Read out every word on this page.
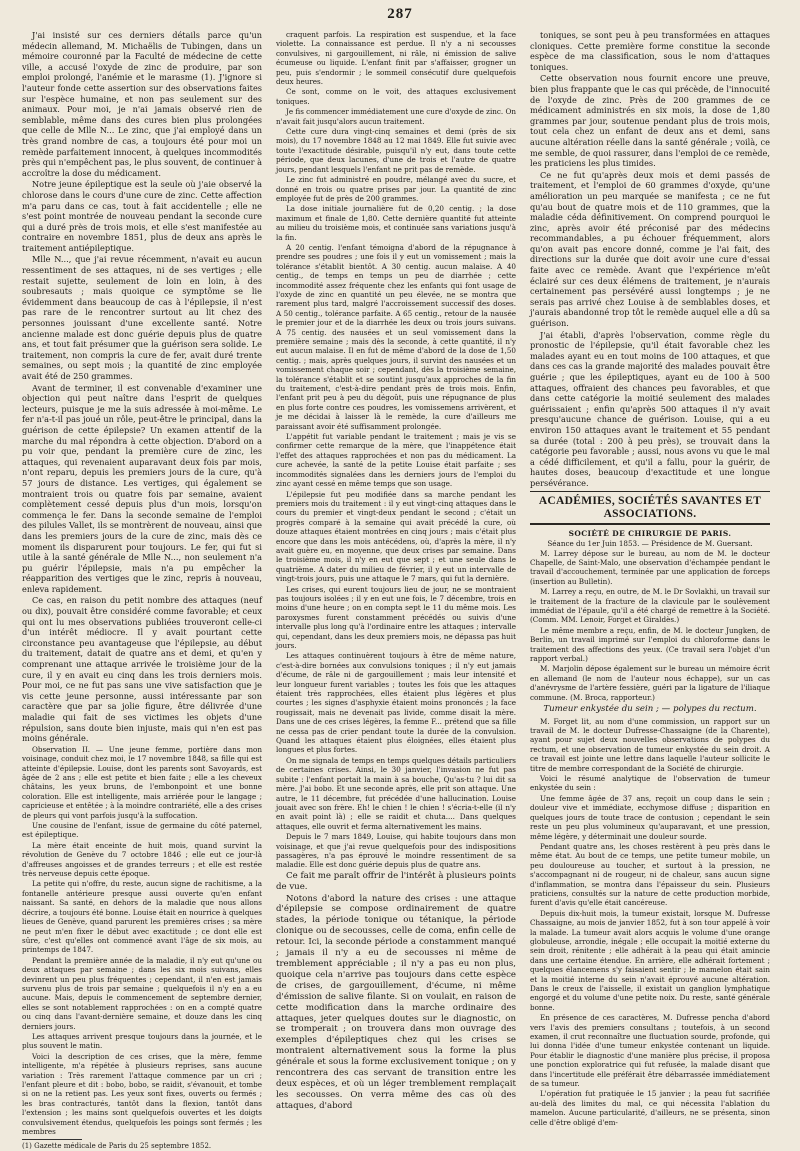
287

J'ai insisté sur ces derniers détails parce qu'un médecin allemand, M. Michaëlis de Tubingen, dans un mémoire couronné par la Faculté de médecine de cette ville, a accusé l'oxyde de zinc de produire, par son emploi prolongé, l'anémie et le marasme (1). J'ignore si l'auteur fonde cette assertion sur des observations faites sur l'espèce humaine, et non pas seulement sur des animaux. Pour moi, je n'ai jamais observé rien de semblable, même dans des cures bien plus prolongées que celle de Mlle N... Le zinc, que j'ai employé dans un très grand nombre de cas, a toujours été pour moi un remède parfaitement innocent, à quelques incommodités près qui n'empêchent pas, le plus souvent, de continuer à accroître la dose du médicament.

Notre jeune épileptique est la seule où j'aie observé la chlorose dans le cours d'une cure de zinc. Cette affection m'a paru dans ce cas, tout à fait accidentelle ; elle ne s'est point montrée de nouveau pendant la seconde cure qui a duré près de trois mois, et elle s'est manifestée au contraire en novembre 1851, plus de deux ans après le traitement antiépileptique.

Mlle N..., que j'ai revue récemment, n'avait eu aucun ressentiment de ses attaques, ni de ses vertiges ; elle restait sujette, seulement de loin en loin, à des soubresauts ; mais quoique ce symptôme se lie évidemment dans beaucoup de cas à l'épilepsie, il n'est pas rare de le rencontrer surtout au lit chez des personnes jouissant d'une excellente santé. Notre ancienne malade est donc guérie depuis plus de quatre ans, et tout fait présumer que la guérison sera solide. Le traitement, non compris la cure de fer, avait duré trente semaines, ou sept mois ; la quantité de zinc employée avait été de 250 grammes.

Avant de terminer, il est convenable d'examiner une objection qui peut naître dans l'esprit de quelques lecteurs, puisque je me la suis adressée à moi-même. Le fer n'a-t-il pas joué un rôle, peut-être le principal, dans la guérison de cette épilepsie? Un examen attentif de la marche du mal répondra à cette objection. D'abord on a pu voir que, pendant la première cure de zinc, les attaques, qui revenaient auparavant deux fois par mois, n'ont reparu, depuis les premiers jours de la cure, qu'à 57 jours de distance. Les vertiges, qui également se montraient trois ou quatre fois par semaine, avaient complètement cessé depuis plus d'un mois, lorsqu'on commença le fer. Dans la seconde semaine de l'emploi des pilules Vallet, ils se montrèrent de nouveau, ainsi que dans les premiers jours de la cure de zinc, mais dès ce moment ils disparurent pour toujours. Le fer, qui fut si utile à la santé générale de Mlle N..., non seulement n'a pu guérir l'épilepsie, mais n'a pu empêcher la réapparition des vertiges que le zinc, repris à nouveau, enleva rapidement.

Ce cas, en raison du petit nombre des attaques (neuf ou dix), pouvait être considéré comme favorable; et ceux qui ont lu mes observations publiées trouveront celle-ci d'un intérêt médiocre. Il y avait pourtant cette circonstance peu avantageuse que l'épilepsie, au début du traitement, datait de quatre ans et demi, et qu'en y comprenant une attaque arrivée le troisième jour de la cure, il y en avait eu cinq dans les trois derniers mois. Pour moi, ce ne fut pas sans une vive satisfaction que je vis cette jeune personne, aussi intéressante par son caractère que par sa jolie figure, être délivrée d'une maladie qui fait de ses victimes les objets d'une répulsion, sans doute bien injuste, mais qui n'en est pas moins générale.

Observation II. — Une jeune femme, portière dans mon voisinage, conduit chez moi, le 17 novembre 1848, sa fille qui est atteinte d'épilepsie. Louise, dont les parents sont Savoyards, est âgée de 2 ans ; elle est petite et bien faite ; elle a les cheveux châtains, les yeux bruns, de l'embonpoint et une bonne coloration. Elle est intelligente, mais arriérée pour le langage ; capricieuse et entêtée ; à la moindre contrariété, elle a des crises de pleurs qui vont parfois jusqu'à la suffocation.

Une cousine de l'enfant, issue de germaine du côté paternel, est épileptique.

La mère était enceinte de huit mois, quand survint la révolution de Genève du 7 octobre 1846 ; elle eut ce jour-là d'affreuses angoisses et de grandes terreurs ; et elle est restée très nerveuse depuis cette époque.

La petite qui n'offre, du reste, aucun signe de rachitisme, a la fontanelle antérieure presque aussi ouverte qu'en enfant naissant. Sa santé, en dehors de la maladie que nous allons décrire, a toujours été bonne. Louise était en nourrice à quelques lieues de Genève, quand parurent les premières crises ; sa mère ne peut m'en fixer le début avec exactitude ; ce dont elle est sûre, c'est qu'elles ont commencé avant l'âge de six mois, au printemps de 1847.

Pendant la première année de la maladie, il n'y eut qu'une ou deux attaques par semaine ; dans les six mois suivans, elles devinrent un peu plus fréquentes ; cependant, il n'en est jamais survenu plus de trois par semaine ; quelquefois il n'y en a eu aucune. Mais, depuis le commencement de septembre dernier, elles se sont notablement rapprochées : on en a compté quatre ou cinq dans l'avant-dernière semaine, et douze dans les cinq derniers jours.

Les attaques arrivent presque toujours dans la journée, et le plus souvent le matin.

Voici la description de ces crises, que la mère, femme intelligente, m'a répétée à plusieurs reprises, sans aucune variation : Très rarement l'attaque commence par un cri ; l'enfant pleure et dit : bobo, bobo, se raidit, s'évanouit, et tombe si on ne la retient pas. Les yeux sont fixes, ouverts ou fermés ; les bras contracturés, tantôt dans la flexion, tantôt dans l'extension ; les mains sont quelquefois ouvertes et les doigts convulsivement étendus, quelquefois les poings sont fermés ; les membres

(1) Gazette médicale de Paris du 25 septembre 1852.

craquent parfois. La respiration est suspendue, et la face violette. La connaissance est perdue. Il n'y a ni secousses convulsives, ni gargouillement, ni râle, ni émission de salive écumeuse ou liquide. L'enfant finit par s'affaisser, grogner un peu, puis s'endormir ; le sommeil consécutif dure quelquefois deux heures.

Ce sont, comme on le voit, des attaques exclusivement toniques.

Je fis commencer immédiatement une cure d'oxyde de zinc. On n'avait fait jusqu'alors aucun traitement.

Cette cure dura vingt-cinq semaines et demi (près de six mois), du 17 novembre 1848 au 12 mai 1849. Elle fut suivie avec toute l'exactitude désirable, puisqu'il n'y eut, dans toute cette période, que deux lacunes, d'une de trois et l'autre de quatre jours, pendant lesquels l'enfant ne prit pas de remède.

Le zinc fut administré en poudre, mélangé avec du sucre, et donné en trois ou quatre prises par jour. La quantité de zinc employée fut de près de 200 grammes.

La dose initiale journalière fut de 0,20 centig. ; la dose maximum et finale de 1,80. Cette dernière quantité fut atteinte au milieu du troisième mois, et continuée sans variations jusqu'à la fin.

A 20 centig. l'enfant témoigna d'abord de la répugnance à prendre ses poudres ; une fois il y eut un vomissement ; mais la tolérance s'établit bientôt. A 30 centig. aucun malaise. A 40 centig., de temps en temps un peu de diarrhée ; cette incommodité assez fréquente chez les enfants qui font usage de l'oxyde de zinc en quantité un peu élevée, ne se montra que rarement plus tard, malgré l'accroissement successif des doses. A 50 centig., tolérance parfaite. A 65 centig., retour de la nausée le premier jour et de la diarrhée les deux ou trois jours suivans. A 75 centig. des nausées et un seul vomissement dans la première semaine ; mais dès la seconde, à cette quantité, il n'y eut aucun malaise. Il en fut de même d'abord de la dose de 1,50 centig. ; mais, après quelques jours, il survint des nausées et un vomissement chaque soir ; cependant, dès la troisième semaine, la tolérance s'établit et se soutint jusqu'aux approches de la fin du traitement, c'est-à-dire pendant près de trois mois. Enfin, l'enfant prit peu à peu du dégoût, puis une répugnance de plus en plus forte contre ces poudres, les vomissemens arrivèrent, et je me décidai à laisser là le remède, la cure d'ailleurs me paraissant avoir été suffisamment prolongée.

L'appétit fut variable pendant le traitement ; mais je vis se confirmer cette remarque de la mère, que l'inappétence était l'effet des attaques rapprochées et non pas du médicament. La cure achevée, la santé de la petite Louise était parfaite ; ses incommodités signalées dans les derniers jours de l'emploi du zinc ayant cessé en même temps que son usage.

L'épilepsie fut peu modifiée dans sa marche pendant les premiers mois du traitement : il y eut vingt-cinq attaques dans le cours du premier et vingt-deux pendant le second ; c'était un progrès comparé à la semaine qui avait précédé la cure, où douze attaques étaient montrées en cinq jours ; mais c'était plus encore que dans les mois antécédens, où, d'après la mère, il n'y avait guère eu, en moyenne, que deux crises par semaine. Dans le troisième mois, il n'y en eut que sept ; et une seule dans le quatrième. A dater du milieu de février, il y eut un intervalle de vingt-trois jours, puis une attaque le 7 mars, qui fut la dernière.

Les crises, qui eurent toujours lieu de jour, ne se montraient pas toujours isolées ; il y en eut une fois, le 7 décembre, trois en moins d'une heure ; on en compta sept le 11 du même mois. Les paroxysmes furent constamment précédés ou suivis d'une intervalle plus long qu'à l'ordinaire entre les attaques ; intervalle qui, cependant, dans les deux premiers mois, ne dépassa pas huit jours.

Les attaques continuèrent toujours à être de même nature, c'est-à-dire bornées aux convulsions toniques ; il n'y eut jamais d'écume, de râle ni de gargouillement ; mais leur intensité et leur longueur furent variables ; toutes les fois que les attaques étaient très rapprochées, elles étaient plus légères et plus courtes ; les signes d'asphyxie étaient moins prononcés ; la face rougissait, mais ne devenait pas livide, comme disait la mère. Dans une de ces crises légères, la femme F... prétend que sa fille ne cessa pas de crier pendant toute la durée de la convulsion. Quand les attaques étaient plus éloignées, elles étaient plus longues et plus fortes.

On me signala de temps en temps quelques détails particuliers de certaines crises. Ainsi, le 30 janvier, l'invasion ne fut pas subite : l'enfant portait la main à sa bouche, Qu'as-tu ? lui dit sa mère. J'ai bobo. Et une seconde après, elle prit son attaque. Une autre, le 11 décembre, fut précédée d'une hallucination. Louise jouait avec son frère. Eh! le chien ! le chien ! s'écria-t-elle (il n'y en avait point là) ; elle se raidit et chuta.... Dans quelques attaques, elle ouvrit et ferma alternativement les mains.

Depuis le 7 mars 1849, Louise, qui habite toujours dans mon voisinage, et que j'ai revue quelquefois pour des indispositions passagères, n'a pas éprouvé le moindre ressentiment de sa maladie. Elle est donc guérie depuis plus de quatre ans.

Ce fait me paraît offrir de l'intérêt à plusieurs points de vue.

Notons d'abord la nature des crises : une attaque d'épilepsie se compose ordinairement de quatre stades, la période tonique ou tétanique, la période clonique ou de secousses, celle de coma, enfin celle de retour. Ici, la seconde période a constamment manqué ; jamais il n'y a eu de secousses ni même de tremblement appréciable ; il n'y a pas eu non plus, quoique cela n'arrive pas toujours dans cette espèce de crises, de gargouillement, d'écume, ni même d'émission de salive filante. Si on voulait, en raison de cette modification dans la marche ordinaire des attaques, jeter quelques doutes sur le diagnostic, on se tromperait ; on trouvera dans mon ouvrage des exemples d'épileptiques chez qui les crises se montraient alternativement sous la forme la plus générale et sous la forme exclusivement tonique ; on y rencontrera des cas servant de transition entre les deux espèces, et où un léger tremblement remplaçait les secousses. On verra même des cas où des attaques, d'abord

toniques, se sont peu à peu transformées en attaques cloniques. Cette première forme constitue la seconde espèce de ma classification, sous le nom d'attaques toniques.

Cette observation nous fournit encore une preuve, bien plus frappante que le cas qui précède, de l'innocuité de l'oxyde de zinc. Près de 200 grammes de ce médicament administrés en six mois, la dose de 1,80 grammes par jour, soutenue pendant plus de trois mois, tout cela chez un enfant de deux ans et demi, sans aucune altération réelle dans la santé générale ; voilà, ce me semble, de quoi rassurer, dans l'emploi de ce remède, les praticiens les plus timides.

Ce ne fut qu'après deux mois et demi passés de traitement, et l'emploi de 60 grammes d'oxyde, qu'une amélioration un peu marquée se manifesta ; ce ne fut qu'au bout de quatre mois et de 110 grammes, que la maladie céda définitivement. On comprend pourquoi le zinc, après avoir été préconisé par des médecins recommandables, a pu échouer fréquemment, alors qu'on avait pas encore donné, comme je l'ai fait, des directions sur la durée que doit avoir une cure d'essai faite avec ce remède. Avant que l'expérience m'eût éclairé sur ces deux élémens de traitement, je n'aurais certainement pas persévéré aussi longtemps ; je ne serais pas arrivé chez Louise à de semblables doses, et j'aurais abandonné trop tôt le remède auquel elle a dû sa guérison.

J'ai établi, d'après l'observation, comme règle du pronostic de l'épilepsie, qu'il était favorable chez les malades ayant eu en tout moins de 100 attaques, et que dans ces cas la grande majorité des malades pouvait être guérie ; que les épileptiques, ayant eu de 100 à 500 attaques, offraient des chances peu favorables, et que dans cette catégorie la moitié seulement des malades guérissaient ; enfin qu'après 500 attaques il n'y avait presqu'aucune chance de guérison. Louise, qui a eu environ 150 attaques avant le traitement et 55 pendant sa durée (total : 200 à peu près), se trouvait dans la catégorie peu favorable ; aussi, nous avons vu que le mal a cédé difficilement, et qu'il a fallu, pour la guérir, de hautes doses, beaucoup d'exactitude et une longue persévérance.

ACADÉMIES, SOCIÉTÉS SAVANTES ET ASSOCIATIONS.

SOCIÉTÉ DE CHIRURGIE DE PARIS.

Séance du 1er Juin 1853. — Présidence de M. Guersant.

M. Larrey dépose sur le bureau, au nom de M. le docteur Chapelle, de Saint-Malo, une observation d'échampée pendant le travail d'accouchement, terminée par une application de forceps (insertion au Bulletin).

M. Larrey a reçu, en outre, de M. le Dr Sovlakhi, un travail sur le traitement de la fracture de la clavicule par le soulèvement immédiat de l'épaule, qu'il a été chargé de remettre à la Société. (Comm. MM. Lenoir, Forget et Giraldès.)

Le même membre a reçu, enfin, de M. le docteur Jungken, de Berlin, un travail imprimé sur l'emploi du chloroforme dans le traitement des affections des yeux. (Ce travail sera l'objet d'un rapport verbal.)

M. Marjolin dépose également sur le bureau un mémoire écrit en allemand (le nom de l'auteur nous échappe), sur un cas d'anévrysme de l'artère fessière, guéri par la ligature de l'iliaque commune. (M. Broca, rapporteur.)

Tumeur enkystée du sein ; — polypes du rectum.

M. Forget lit, au nom d'une commission, un rapport sur un travail de M. le docteur Dufresse-Chassaigne (de la Charente), ayant pour sujet deux nouvelles observations de polypes du rectum, et une observation de tumeur enkystée du sein droit. A ce travail est jointe une lettre dans laquelle l'auteur sollicite le titre de membre correspondant de la Société de chirurgie.

Voici le résumé analytique de l'observation de tumeur enkystée du sein :

Une femme âgée de 37 ans, reçoit un coup dans le sein ; douleur vive et immédiate, ecchymose diffuse ; disparition en quelques jours de toute trace de contusion ; cependant le sein reste un peu plus volumineux qu'auparavant, et une pression, même légère, y déterminait une douleur sourde.

Pendant quatre ans, les choses restèrent à peu près dans le même état. Au bout de ce temps, une petite tumeur mobile, un peu douloureuse au toucher, et surtout à la pression, ne s'accompagnant ni de rougeur, ni de chaleur, sans aucun signe d'inflammation, se montra dans l'épaisseur du sein. Plusieurs praticiens, consultés sur la nature de cette production morbide, furent d'avis qu'elle était cancéreuse.

Depuis dix-huit mois, la tumeur existait, lorsque M. Dufresse Chassaigne, au mois de janvier 1852, fut à son tour appelé à voir la malade. La tumeur avait alors acquis le volume d'une orange globuleuse, arrondie, inégale ; elle occupait la moitié externe du sein droit, rénitente ; elle adhérait à la peau qui était amincie dans une certaine étendue. En arrière, elle adhérait fortement ; quelques élancemens s'y faisaient sentir ; le mamelon était sain et la moitié interne du sein n'avait éprouvé aucune altération. Dans le creux de l'aisselle, il existait un ganglion lymphatique engorgé et du volume d'une petite noix. Du reste, santé générale bonne.

En présence de ces caractères, M. Dufresse pencha d'abord vers l'avis des premiers consultans ; toutefois, à un second examen, il crut reconnaître une fluctuation sourde, profonde, qui lui donna l'idée d'une tumeur enkystée contenant un liquide. Pour établir le diagnostic d'une manière plus précise, il proposa une ponction exploratrice qui fut refusée, la malade disant que dans l'incertitude elle préférait être débarrassée immédiatement de sa tumeur.

L'opération fut pratiquée le 15 janvier ; la peau fut sacrifiée au-delà des limites du mal, ce qui nécessita l'ablation du mamelon. Aucune particularité, d'ailleurs, ne se présenta, sinon celle d'être obligé d'em-
